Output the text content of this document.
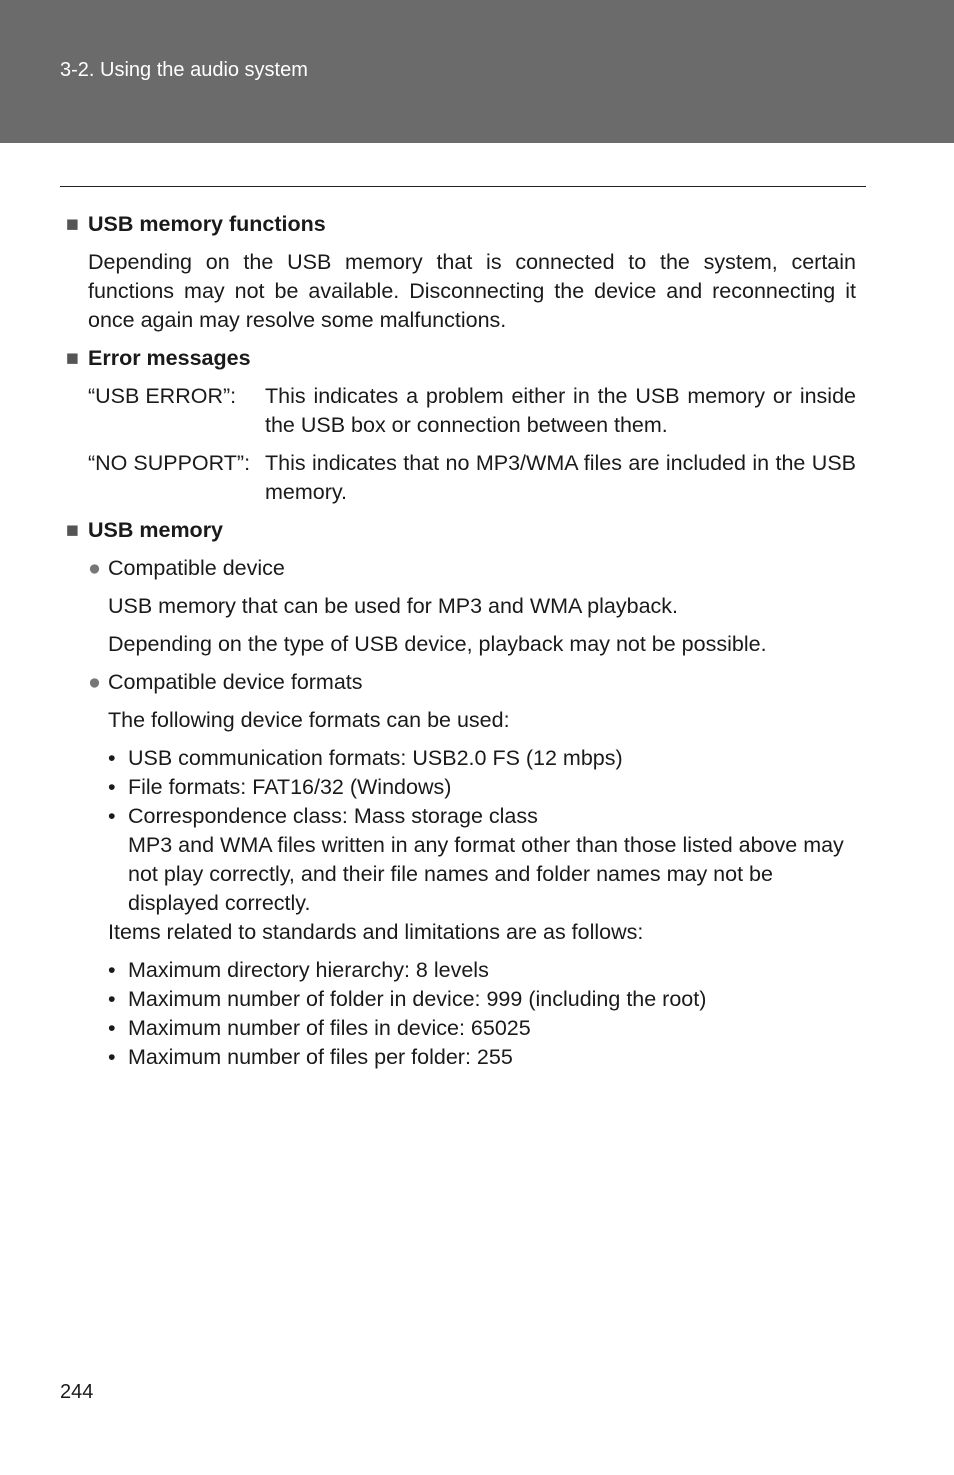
3-2. Using the audio system
■ USB memory functions
Depending on the USB memory that is connected to the system, certain functions may not be available. Disconnecting the device and reconnecting it once again may resolve some malfunctions.
■ Error messages
“USB ERROR”:	This indicates a problem either in the USB memory or inside the USB box or connection between them.
“NO SUPPORT”: This indicates that no MP3/WMA files are included in the USB memory.
■ USB memory
● Compatible device
USB memory that can be used for MP3 and WMA playback.
Depending on the type of USB device, playback may not be possible.
● Compatible device formats
The following device formats can be used:
• USB communication formats: USB2.0 FS (12 mbps)
• File formats: FAT16/32 (Windows)
• Correspondence class: Mass storage class
MP3 and WMA files written in any format other than those listed above may not play correctly, and their file names and folder names may not be displayed correctly.
Items related to standards and limitations are as follows:
• Maximum directory hierarchy: 8 levels
• Maximum number of folder in device: 999 (including the root)
• Maximum number of files in device: 65025
• Maximum number of files per folder: 255
244
